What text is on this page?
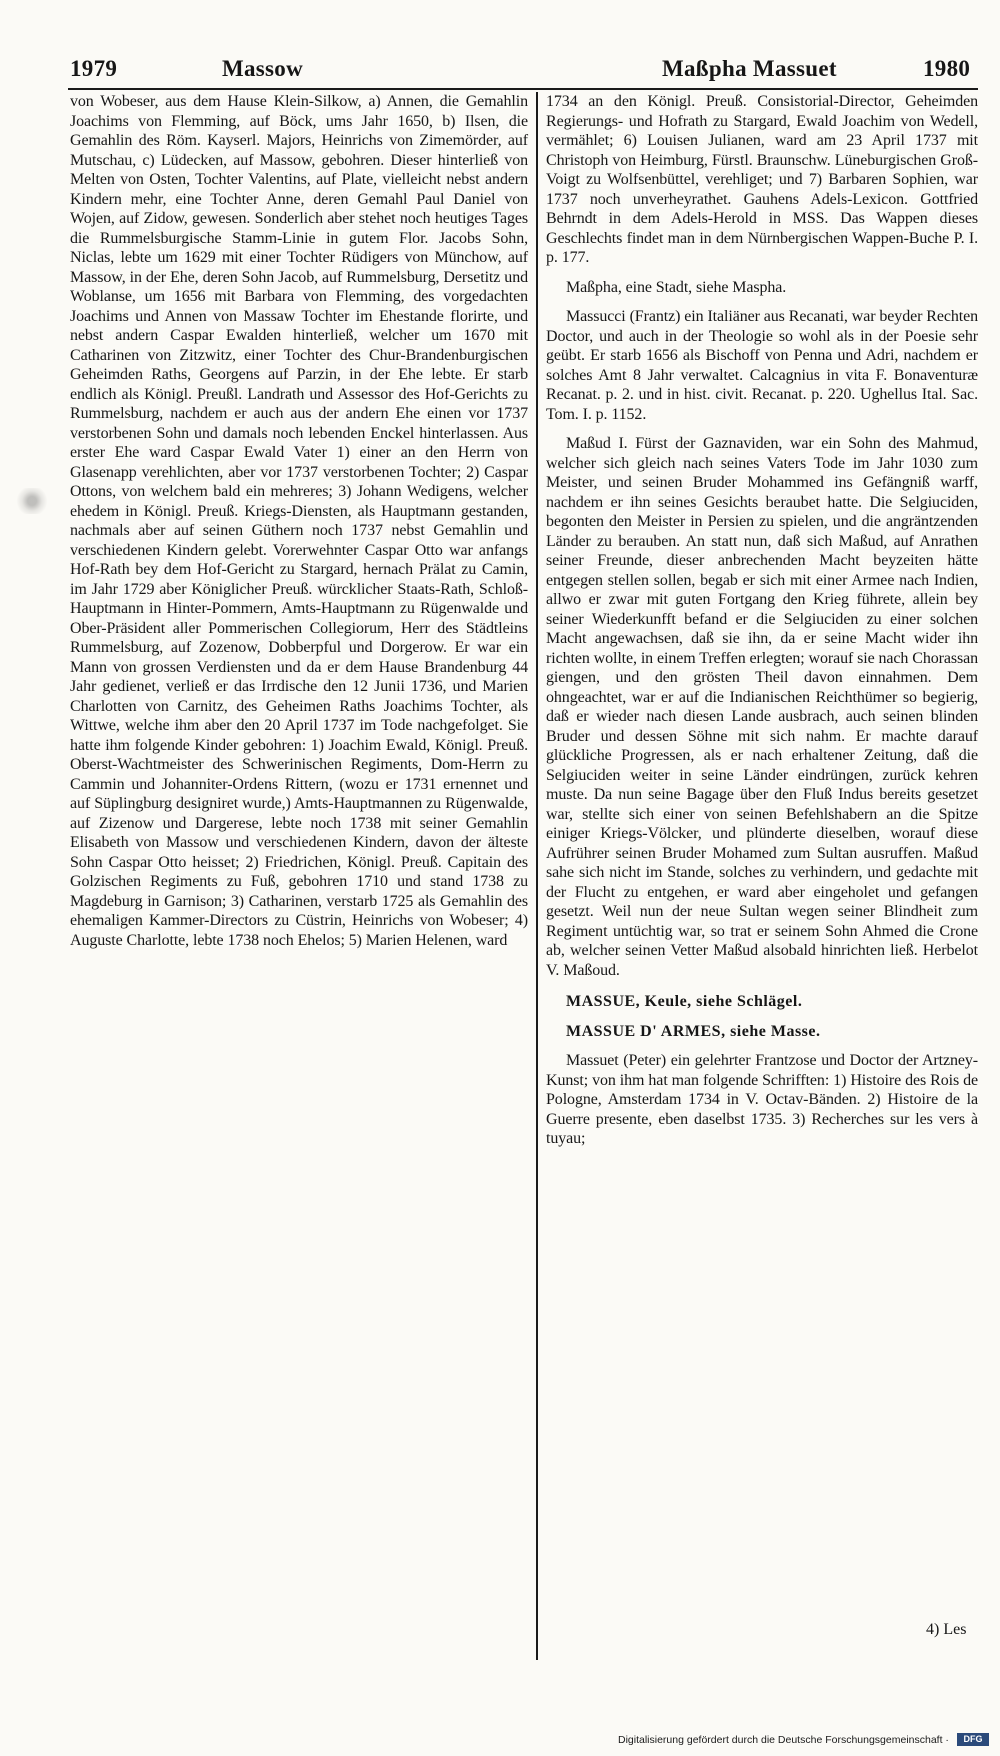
1979	Massow	Maßpha Massuet	1980

von Wobeser, aus dem Hause Klein-Silkow, a) Annen, die Gemahlin Joachims von Flemming, auf Böck, ums Jahr 1650, b) Ilsen, die Gemahlin des Röm. Kayserl. Majors, Heinrichs von Zimemörder, auf Mutschau, c) Lüdecken, auf Massow, gebohren. Dieser hinterließ von Melten von Osten, Tochter Valentins, auf Plate, vielleicht nebst andern Kindern mehr, eine Tochter Anne, deren Gemahl Paul Daniel von Wojen, auf Zidow, gewesen. Sonderlich aber stehet noch heutiges Tages die Rummelsburgische Stamm-Linie in gutem Flor. Jacobs Sohn, Niclas, lebte um 1629 mit einer Tochter Rüdigers von Münchow, auf Massow, in der Ehe, deren Sohn Jacob, auf Rummelsburg, Dersetitz und Woblanse, um 1656 mit Barbara von Flemming, des vorgedachten Joachims und Annen von Massaw Tochter im Ehestande florirte, und nebst andern Caspar Ewalden hinterließ, welcher um 1670 mit Catharinen von Zitzwitz, einer Tochter des Chur-Brandenburgischen Geheimden Raths, Georgens auf Parzin, in der Ehe lebte. Er starb endlich als Königl. Preußl. Landrath und Assessor des Hof-Gerichts zu Rummelsburg, nachdem er auch aus der andern Ehe einen vor 1737 verstorbenen Sohn und damals noch lebenden Enckel hinterlassen. Aus erster Ehe ward Caspar Ewald Vater 1) einer an den Herrn von Glasenapp verehlichten, aber vor 1737 verstorbenen Tochter; 2) Caspar Ottons, von welchem bald ein mehreres; 3) Johann Wedigens, welcher ehedem in Königl. Preuß. Kriegs-Diensten, als Hauptmann gestanden, nachmals aber auf seinen Güthern noch 1737 nebst Gemahlin und verschiedenen Kindern gelebt. Vorerwehnter Caspar Otto war anfangs Hof-Rath bey dem Hof-Gericht zu Stargard, hernach Prälat zu Camin, im Jahr 1729 aber Königlicher Preuß. würcklicher Staats-Rath, Schloß-Hauptmann in Hinter-Pommern, Amts-Hauptmann zu Rügenwalde und Ober-Präsident aller Pommerischen Collegiorum, Herr des Städtleins Rummelsburg, auf Zozenow, Dobberpful und Dorgerow. Er war ein Mann von grossen Verdiensten und da er dem Hause Brandenburg 44 Jahr gedienet, verließ er das Irrdische den 12 Junii 1736, und Marien Charlotten von Carnitz, des Geheimen Raths Joachims Tochter, als Wittwe, welche ihm aber den 20 April 1737 im Tode nachgefolget. Sie hatte ihm folgende Kinder gebohren: 1) Joachim Ewald, Königl. Preuß. Oberst-Wachtmeister des Schwerinischen Regiments, Dom-Herrn zu Cammin und Johanniter-Ordens Rittern, (wozu er 1731 ernennet und auf Süplingburg designiret wurde,) Amts-Hauptmannen zu Rügenwalde, auf Zizenow und Dargerese, lebte noch 1738 mit seiner Gemahlin Elisabeth von Massow und verschiedenen Kindern, davon der älteste Sohn Caspar Otto heisset; 2) Friedrichen, Königl. Preuß. Capitain des Golzischen Regiments zu Fuß, gebohren 1710 und stand 1738 zu Magdeburg in Garnison; 3) Catharinen, verstarb 1725 als Gemahlin des ehemaligen Kammer-Directors zu Cüstrin, Heinrichs von Wobeser; 4) Auguste Charlotte, lebte 1738 noch Ehelos; 5) Marien Helenen, ward

1734 an den Königl. Preuß. Consistorial-Director, Geheimden Regierungs- und Hofrath zu Stargard, Ewald Joachim von Wedell, vermählet; 6) Louisen Julianen, ward am 23 April 1737 mit Christoph von Heimburg, Fürstl. Braunschw. Lüneburgischen Groß-Voigt zu Wolfsenbüttel, verehliget; und 7) Barbaren Sophien, war 1737 noch unverheyrathet. Gauhens Adels-Lexicon. Gottfried Behrndt in dem Adels-Herold in MSS. Das Wappen dieses Geschlechts findet man in dem Nürnbergischen Wappen-Buche P. I. p. 177.

Maßpha, eine Stadt, siehe Maspha.

Massucci (Frantz) ein Italiäner aus Recanati, war beyder Rechten Doctor, und auch in der Theologie so wohl als in der Poesie sehr geübt. Er starb 1656 als Bischoff von Penna und Adri, nachdem er solches Amt 8 Jahr verwaltet. Calcagnius in vita F. Bonaventuræ Recanat. p. 2. und in hist. civit. Recanat. p. 220. Ughellus Ital. Sac. Tom. I. p. 1152.

Maßud I. Fürst der Gaznaviden, war ein Sohn des Mahmud, welcher sich gleich nach seines Vaters Tode im Jahr 1030 zum Meister, und seinen Bruder Mohammed ins Gefängniß warff, nachdem er ihn seines Gesichts beraubet hatte. Die Selgiuciden, begonten den Meister in Persien zu spielen, und die angräntzenden Länder zu berauben. An statt nun, daß sich Maßud, auf Anrathen seiner Freunde, dieser anbrechenden Macht beyzeiten hätte entgegen stellen sollen, begab er sich mit einer Armee nach Indien, allwo er zwar mit guten Fortgang den Krieg führete, allein bey seiner Wiederkunfft befand er die Selgiuciden zu einer solchen Macht angewachsen, daß sie ihn, da er seine Macht wider ihn richten wollte, in einem Treffen erlegten; worauf sie nach Chorassan giengen, und den grösten Theil davon einnahmen. Dem ohngeachtet, war er auf die Indianischen Reichthümer so begierig, daß er wieder nach diesen Lande ausbrach, auch seinen blinden Bruder und dessen Söhne mit sich nahm. Er machte darauf glückliche Progressen, als er nach erhaltener Zeitung, daß die Selgiuciden weiter in seine Länder eindrüngen, zurück kehren muste. Da nun seine Bagage über den Fluß Indus bereits gesetzet war, stellte sich einer von seinen Befehlshabern an die Spitze einiger Kriegs-Völcker, und plünderte dieselben, worauf diese Aufrührer seinen Bruder Mohamed zum Sultan ausruffen. Maßud sahe sich nicht im Stande, solches zu verhindern, und gedachte mit der Flucht zu entgehen, er ward aber eingeholet und gefangen gesetzt. Weil nun der neue Sultan wegen seiner Blindheit zum Regiment untüchtig war, so trat er seinem Sohn Ahmed die Crone ab, welcher seinen Vetter Maßud alsobald hinrichten ließ. Herbelot V. Maßoud.

MASSUE, Keule, siehe Schlägel.

MASSUE D' ARMES, siehe Masse.

Massuet (Peter) ein gelehrter Frantzose und Doctor der Artzney-Kunst; von ihm hat man folgende Schrifften: 1) Histoire des Rois de Pologne, Amsterdam 1734 in V. Octav-Bänden. 2) Histoire de la Guerre presente, eben daselbst 1735. 3) Recherches sur les vers à tuyau;

4) Les
Digitalisierung gefördert durch die Deutsche Forschungsgemeinschaft ·	DFG
